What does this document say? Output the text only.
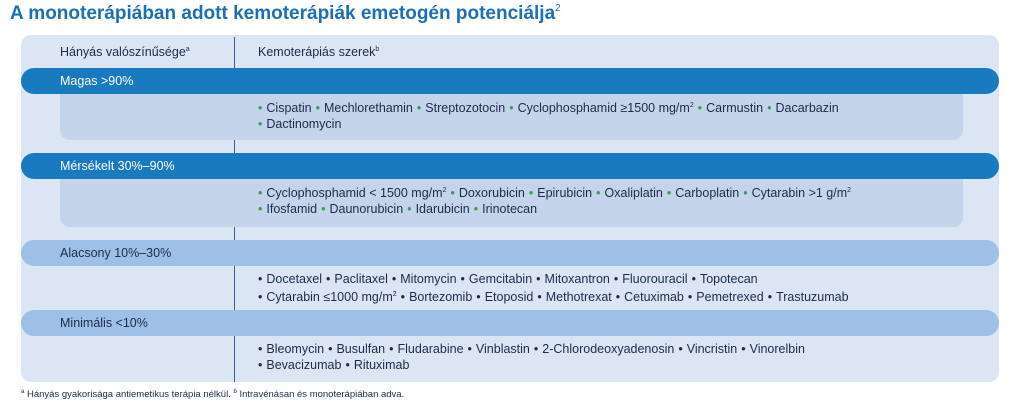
A monoterápiában adott kemoterápiák emetogén potenciálja$^2$
Hányás valószínűsége$^a$	Kemoterápiás szerek$^b$
Magas >90%
• Cispatin • Mechlorethamin • Streptozotocin • Cyclophosphamid ≥1500 $mg/m^2$ • Carmustin • Dacarbazin
• Dactinomycin
Mérsékelt 30%–90%
• Cyclophosphamid < 1500 $mg/m^2$ • Doxorubicin • Epirubicin • Oxaliplatin • Carboplatin • Cytarabin >1 $g/m^2$
• Ifosfamid • Daunorubicin • Idarubicin • Irinotecan
Alacsony 10%–30%
• Docetaxel • Paclitaxel • Mitomycin • Gemcitabin • Mitoxantron • Fluorouracil • Topotecan
• Cytarabin ≤1000 $mg/m^2$ • Bortezomib • Etoposid • Methotrexat • Cetuximab • Pemetrexed • Trastuzumab
Minimális <10%
• Bleomycin • Busulfan • Fludarabine • Vinblastin • 2-Chlorodeoxyadenosin • Vincristin • Vinorelbin
• Bevacizumab • Rituximab
$^a$ Hányás gyakorisága antiemetikus terápia nélkül. $^b$ Intravénásan és monoterápiában adva.
